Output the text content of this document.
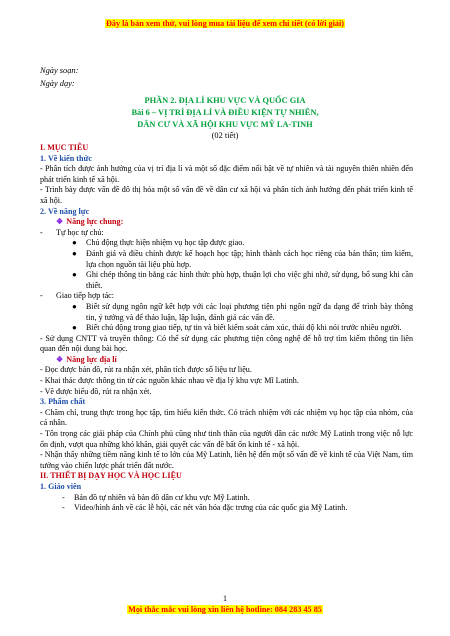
Đây là bản xem thử, vui lòng mua tài liệu để xem chi tiết (có lời giải)
Ngày soạn:
Ngày dạy:
PHẦN 2. ĐỊA LÍ KHU VỰC VÀ QUỐC GIA
Bài 6 – VỊ TRÍ ĐỊA LÍ VÀ ĐIỀU KIỆN TỰ NHIÊN,
DÂN CƯ VÀ XÃ HỘI KHU VỰC MỸ LA-TINH
(02 tiết)

I. MỤC TIÊU

1. Về kiến thức

- Phân tích được ảnh hưởng của vị trí địa lí và một số đặc điểm nổi bật về tự nhiên và tài nguyên thiên nhiên đến phát triển kinh tế xã hội.

- Trình bày được vấn đề đô thị hóa một số vấn đề về dân cư xã hội và phân tích ảnh hưởng đến phát triển kinh tế xã hội.

2. Về năng lực

❖ Năng lực chung:

- Tự học tự chủ:

● Chủ động thực hiện nhiệm vụ học tập được giao.

● Đánh giá và điều chỉnh được kế hoạch học tập; hình thành cách học riêng của bản thân; tìm kiếm, lựa chọn nguồn tài liệu phù hợp.

● Ghi chép thông tin bằng các hình thức phù hợp, thuận lợi cho việc ghi nhớ, sử dụng, bổ sung khi cần thiết.

- Giao tiếp hợp tác:

● Biết sử dụng ngôn ngữ kết hợp với các loại phương tiện phi ngôn ngữ đa dạng để trình bày thông tin, ý tưởng và để thảo luận, lập luận, đánh giá các vấn đề.

● Biết chủ động trong giao tiếp, tự tin và biết kiểm soát cảm xúc, thái độ khi nói trước nhiều người.

- Sử dụng CNTT và truyền thông: Có thể sử dụng các phương tiện công nghệ để hỗ trợ tìm kiếm thông tin liên quan đến nội dung bài học.

❖ Năng lực địa lí

- Đọc được bản đồ, rút ra nhận xét, phân tích được số liệu tư liệu.

- Khai thác được thông tin từ các nguồn khác nhau về địa lý khu vực Mĩ Latinh.

- Vẽ được biểu đồ, rút ra nhận xét.

3. Phẩm chất

- Chăm chỉ, trung thực trong học tập, tìm hiểu kiến thức. Có trách nhiệm với các nhiệm vụ học tập của nhóm, của cá nhân.

- Tôn trọng các giải pháp của Chính phủ cũng như tinh thần của người dân các nước Mỹ Latinh trong việc nỗ lực ổn định, vượt qua những khó khăn, giải quyết các vấn đề bất ổn kinh tế - xã hội.

- Nhận thấy những tiềm năng kinh tế to lớn của Mỹ Latinh, liên hệ đến một số vấn đề về kinh tế của Việt Nam, tìm tưởng vào chiến lược phát triển đất nước.

II. THIẾT BỊ DẠY HỌC VÀ HỌC LIỆU

1. Giáo viên

- Bản đồ tự nhiên và bản đồ dân cư khu vực Mỹ Latinh.

- Video/hình ảnh về các lễ hội, các nét văn hóa đặc trưng của các quốc gia Mỹ Latinh.

1
Mọi thắc mắc vui lòng xin liên hệ hotline: 084 283 45 85
